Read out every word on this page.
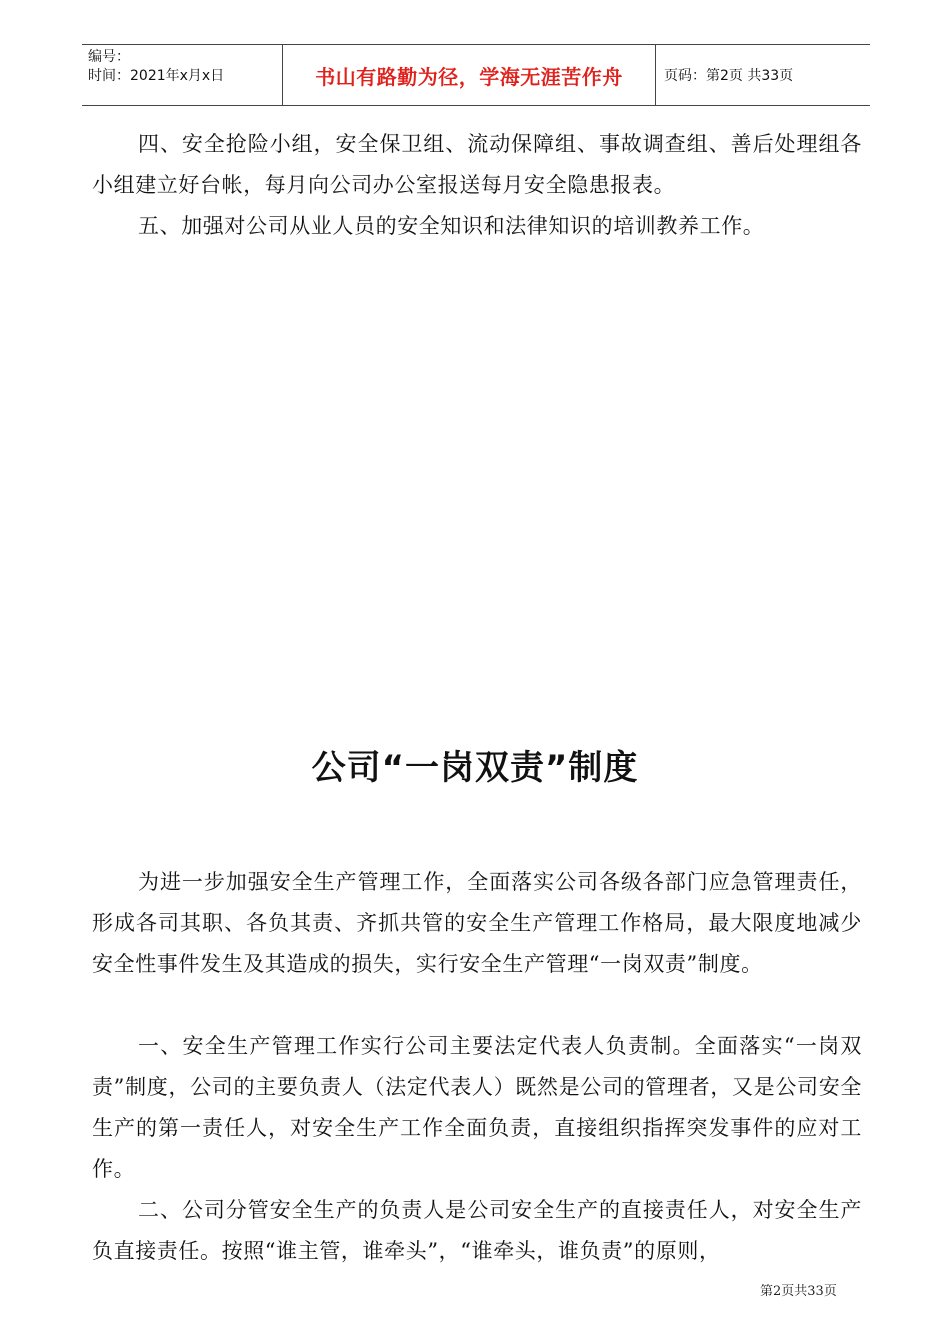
编号：
时间：2021年x月x日	书山有路勤为径，学海无涯苦作舟	页码：第2页 共33页

四、安全抢险小组，安全保卫组、流动保障组、事故调查组、善后处理组各小组建立好台帐，每月向公司办公室报送每月安全隐患报表。

五、加强对公司从业人员的安全知识和法律知识的培训教养工作。

公司“一岗双责”制度

为进一步加强安全生产管理工作，全面落实公司各级各部门应急管理责任，形成各司其职、各负其责、齐抓共管的安全生产管理工作格局，最大限度地减少安全性事件发生及其造成的损失，实行安全生产管理“一岗双责”制度。

一、安全生产管理工作实行公司主要法定代表人负责制。全面落实“一岗双责”制度，公司的主要负责人（法定代表人）既然是公司的管理者，又是公司安全生产的第一责任人，对安全生产工作全面负责，直接组织指挥突发事件的应对工作。

二、公司分管安全生产的负责人是公司安全生产的直接责任人，对安全生产负直接责任。按照“谁主管，谁牵头”，“谁牵头，谁负责”的原则，

第2页共33页
